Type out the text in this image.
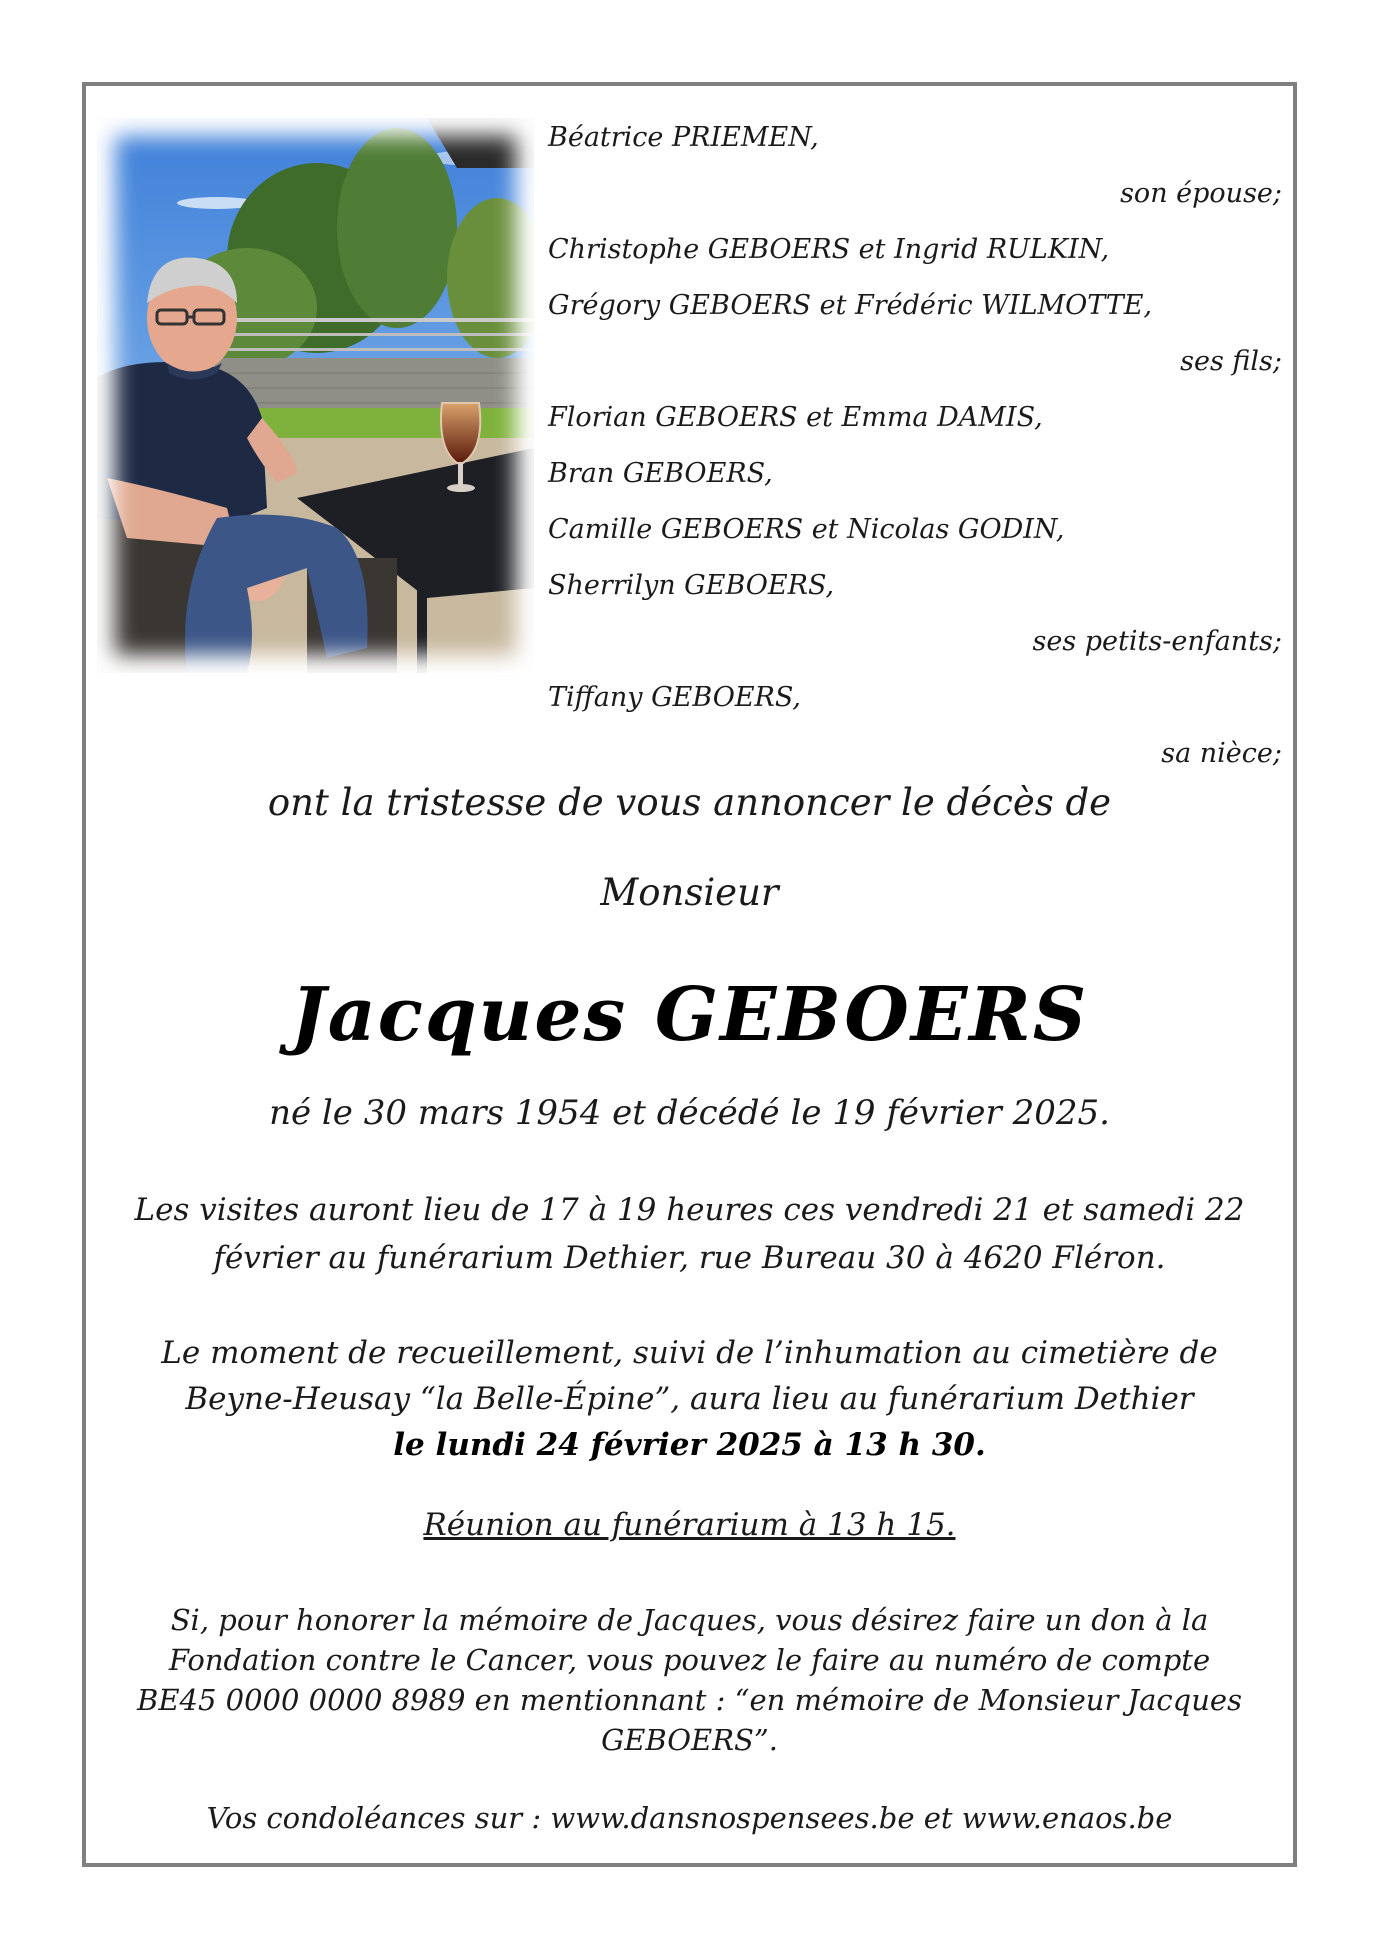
Béatrice PRIEMEN,
son épouse;
Christophe GEBOERS et Ingrid RULKIN,
Grégory GEBOERS et Frédéric WILMOTTE,
ses fils;
Florian GEBOERS et Emma DAMIS,
Bran GEBOERS,
Camille GEBOERS et Nicolas GODIN,
Sherrilyn GEBOERS,
ses petits-enfants;
Tiffany GEBOERS,
sa nièce;
ont la tristesse de vous annoncer le décès de
Monsieur
Jacques GEBOERS
né le 30 mars 1954 et décédé le 19 février 2025.
Les visites auront lieu de 17 à 19 heures ces vendredi 21 et samedi 22
février au funérarium Dethier, rue Bureau 30 à 4620 Fléron.
Le moment de recueillement, suivi de l’inhumation au cimetière de
Beyne-Heusay “la Belle-Épine”, aura lieu au funérarium Dethier
le lundi 24 février 2025 à 13 h 30.
Réunion au funérarium à 13 h 15.
Si, pour honorer la mémoire de Jacques, vous désirez faire un don à la
Fondation contre le Cancer, vous pouvez le faire au numéro de compte
BE45 0000 0000 8989 en mentionnant : “en mémoire de Monsieur Jacques
GEBOERS”.
Vos condoléances sur : www.dansnospensees.be et www.enaos.be
